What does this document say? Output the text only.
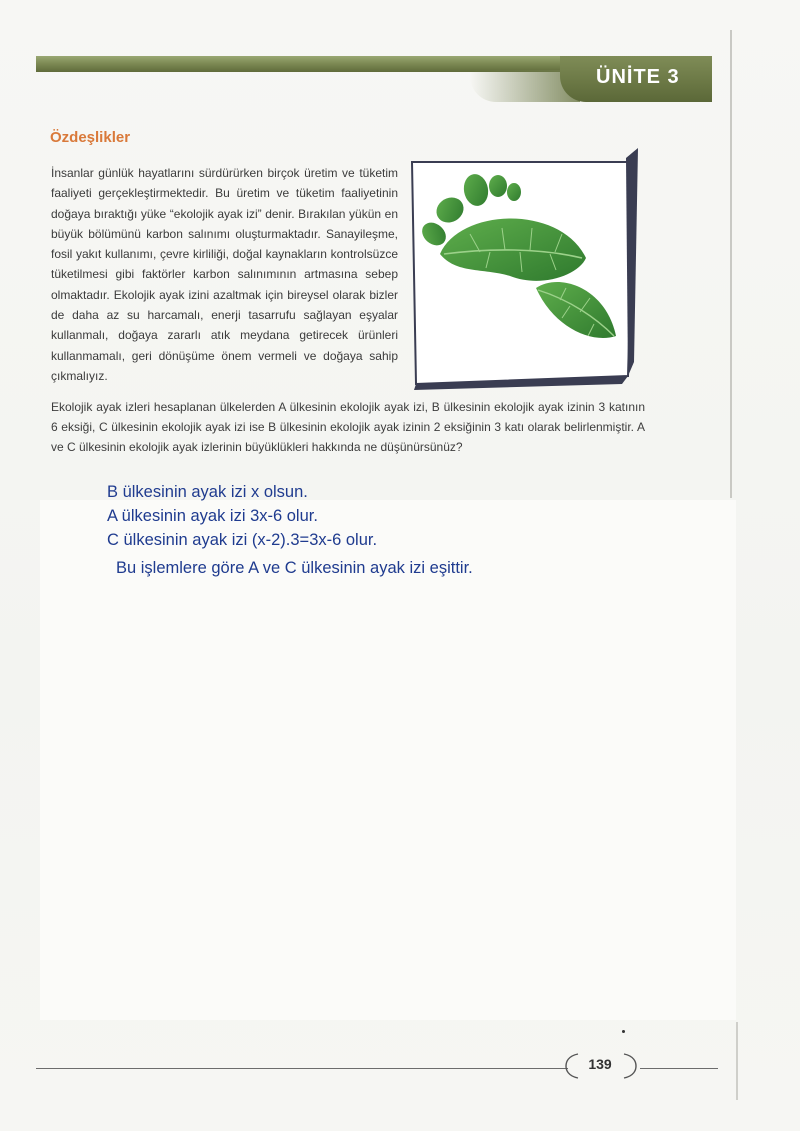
ÜNİTE 3
Özdeşlikler

İnsanlar günlük hayatlarını sürdürürken birçok üretim ve tüketim faaliyeti gerçekleştirmektedir. Bu üretim ve tüketim faaliyetinin doğaya bıraktığı yüke “ekolojik ayak izi” denir. Bırakılan yükün en büyük bölümünü karbon salınımı oluşturmaktadır. Sanayileşme, fosil yakıt kullanımı, çevre kirliliği, doğal kaynakların kontrolsüzce tüketilmesi gibi faktörler karbon salınımının artmasına sebep olmaktadır. Ekolojik ayak izini azaltmak için bireysel olarak bizler de daha az su harcamalı, enerji tasarrufu sağlayan eşyalar kullanmalı, doğaya zararlı atık meydana getirecek ürünleri kullanmamalı, geri dönüşüme önem vermeli ve doğaya sahip çıkmalıyız.

Ekolojik ayak izleri hesaplanan ülkelerden A ülkesinin ekolojik ayak izi, B ülkesinin ekolojik ayak izinin 3 katının 6 eksiği, C ülkesinin ekolojik ayak izi ise B ülkesinin ekolojik ayak izinin 2 eksiğinin 3 katı olarak belirlenmiştir. A ve C ülkesinin ekolojik ayak izlerinin büyüklükleri hakkında ne düşünürsünüz?

B ülkesinin ayak izi x olsun.
A ülkesinin ayak izi 3x-6 olur.
C ülkesinin ayak izi (x-2).3=3x-6 olur.
Bu işlemlere göre A ve C ülkesinin ayak izi eşittir.
139
